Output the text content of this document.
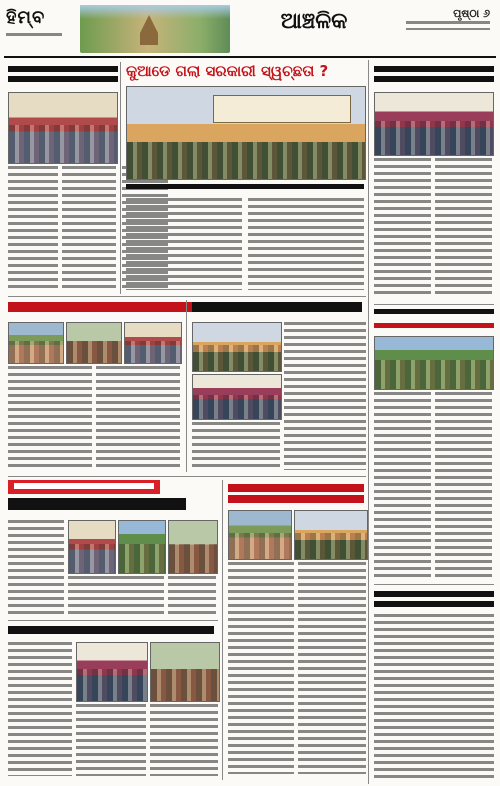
ହିମ୍ବ	ଆଞ୍ଚଳିକ	ପୃଷ୍ଠା ୬
କୁଆଡେ ଗଲା ସରକାରୀ ସ୍ୱଚ୍ଛତା ?
